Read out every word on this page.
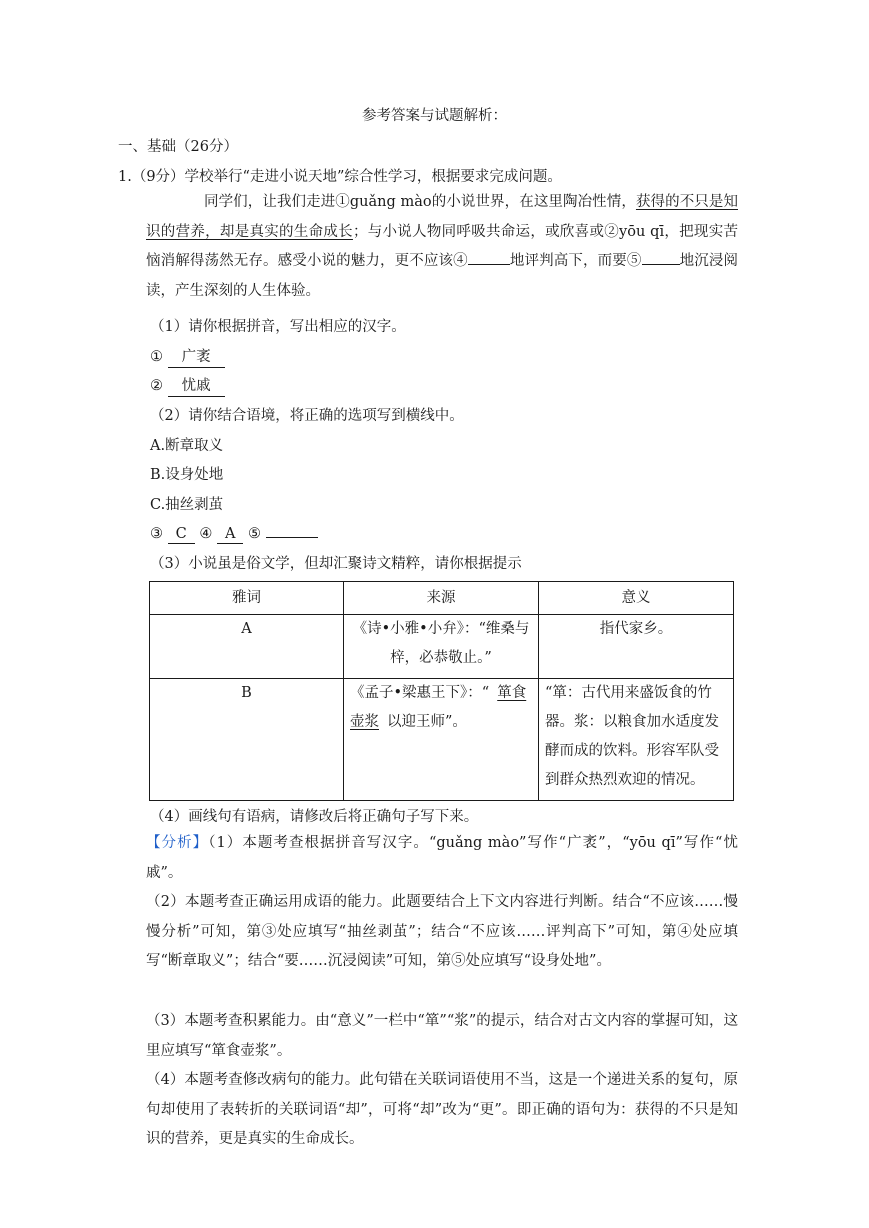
参考答案与试题解析：
一、基础（26分）
1.（9分）学校举行“走进小说天地”综合性学习，根据要求完成问题。
同学们，让我们走进①guǎng mào的小说世界，在这里陶冶性情，获得的不只是知识的营养，却是真实的生命成长；与小说人物同呼吸共命运，或欣喜或②yōu qī，把现实苦恼消解得荡然无存。感受小说的魅力，更不应该④	地评判高下，而要⑤	地沉浸阅读，产生深刻的人生体验。
（1）请你根据拼音，写出相应的汉字。
① 广袤
② 忧戚
（2）请你结合语境，将正确的选项写到横线中。
A.断章取义
B.设身处地
C.抽丝剥茧
③ C ④ A ⑤
（3）小说虽是俗文学，但却汇聚诗文精粹，请你根据提示
雅词	来源	意义
A	《诗•小雅•小弁》：“维桑与梓，必恭敬止。”	指代家乡。
B	《孟子•梁惠王下》：“ 箪食壶浆 以迎王师”。	“箪：古代用来盛饭食的竹器。浆：以粮食加水适度发酵而成的饮料。形容军队受到群众热烈欢迎的情况。
（4）画线句有语病，请修改后将正确句子写下来。
【分析】（1）本题考查根据拼音写汉字。“guǎng mào”写作“广袤”，“yōu qī”写作“忧戚”。
（2）本题考查正确运用成语的能力。此题要结合上下文内容进行判断。结合“不应该……慢慢分析”可知，第③处应填写“抽丝剥茧”；结合“不应该……评判高下”可知，第④处应填写“断章取义”；结合“要……沉浸阅读”可知，第⑤处应填写“设身处地”。
（3）本题考查积累能力。由“意义”一栏中“箪”“浆”的提示，结合对古文内容的掌握可知，这里应填写“箪食壶浆”。
（4）本题考查修改病句的能力。此句错在关联词语使用不当，这是一个递进关系的复句，原句却使用了表转折的关联词语“却”，可将“却”改为“更”。即正确的语句为：获得的不只是知识的营养，更是真实的生命成长。
